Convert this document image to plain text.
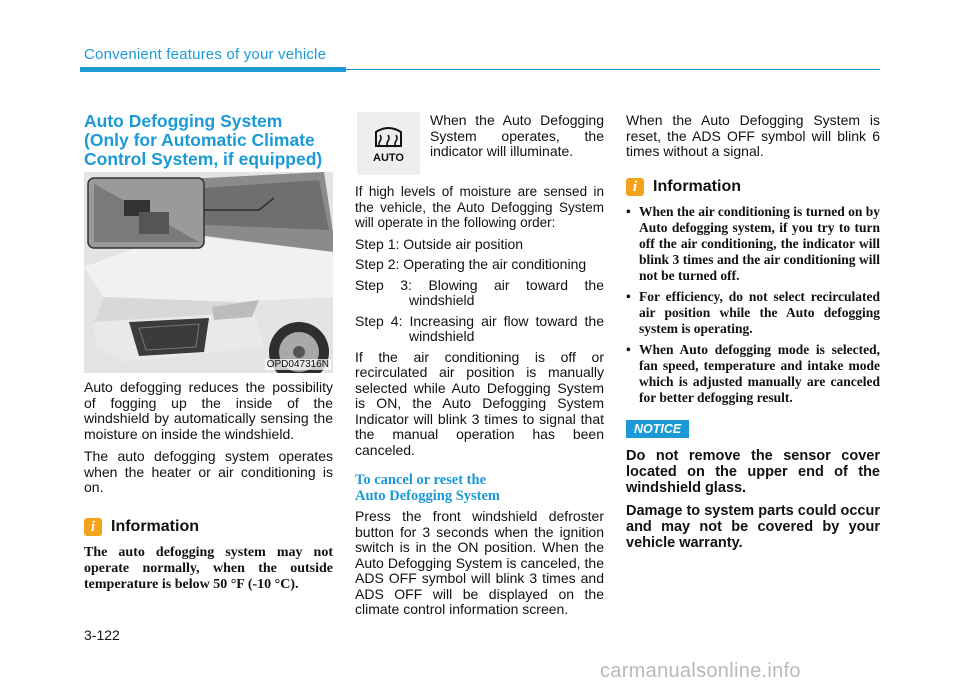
Convenient features of your vehicle
Auto Defogging System
(Only for Automatic Climate
Control System, if equipped)
OPD047316N

Auto defogging reduces the possibility of fogging up the inside of the windshield by automatically sensing the moisture on inside the windshield.

The auto defogging system operates when the heater or air conditioning is on.

i Information

The auto defogging system may not operate normally, when the outside temperature is below 50 °F (-10 °C).

AUTO

When the Auto Defogging System operates, the indicator will illuminate.

If high levels of moisture are sensed in the vehicle, the Auto Defogging System will operate in the following order:

Step 1: Outside air position

Step 2: Operating the air conditioning

Step 3: Blowing air toward the windshield

Step 4: Increasing air flow toward the windshield

If the air conditioning is off or recirculated air position is manually selected while Auto Defogging System is ON, the Auto Defogging System Indicator will blink 3 times to signal that the manual operation has been canceled.

To cancel or reset the
Auto Defogging System

Press the front windshield defroster button for 3 seconds when the ignition switch is in the ON position. When the Auto Defogging System is canceled, the ADS OFF symbol will blink 3 times and ADS OFF will be displayed on the climate control information screen.

When the Auto Defogging System is reset, the ADS OFF symbol will blink 6 times without a signal.

i Information
• When the air conditioning is turned on by Auto defogging system, if you try to turn off the air conditioning, the indicator will blink 3 times and the air conditioning will not be turned off.
• For efficiency, do not select recirculated air position while the Auto defogging system is operating.
• When Auto defogging mode is selected, fan speed, temperature and intake mode which is adjusted manually are canceled for better defogging result.
NOTICE

Do not remove the sensor cover located on the upper end of the windshield glass.

Damage to system parts could occur and may not be covered by your vehicle warranty.

3-122
carmanualsonline.info
